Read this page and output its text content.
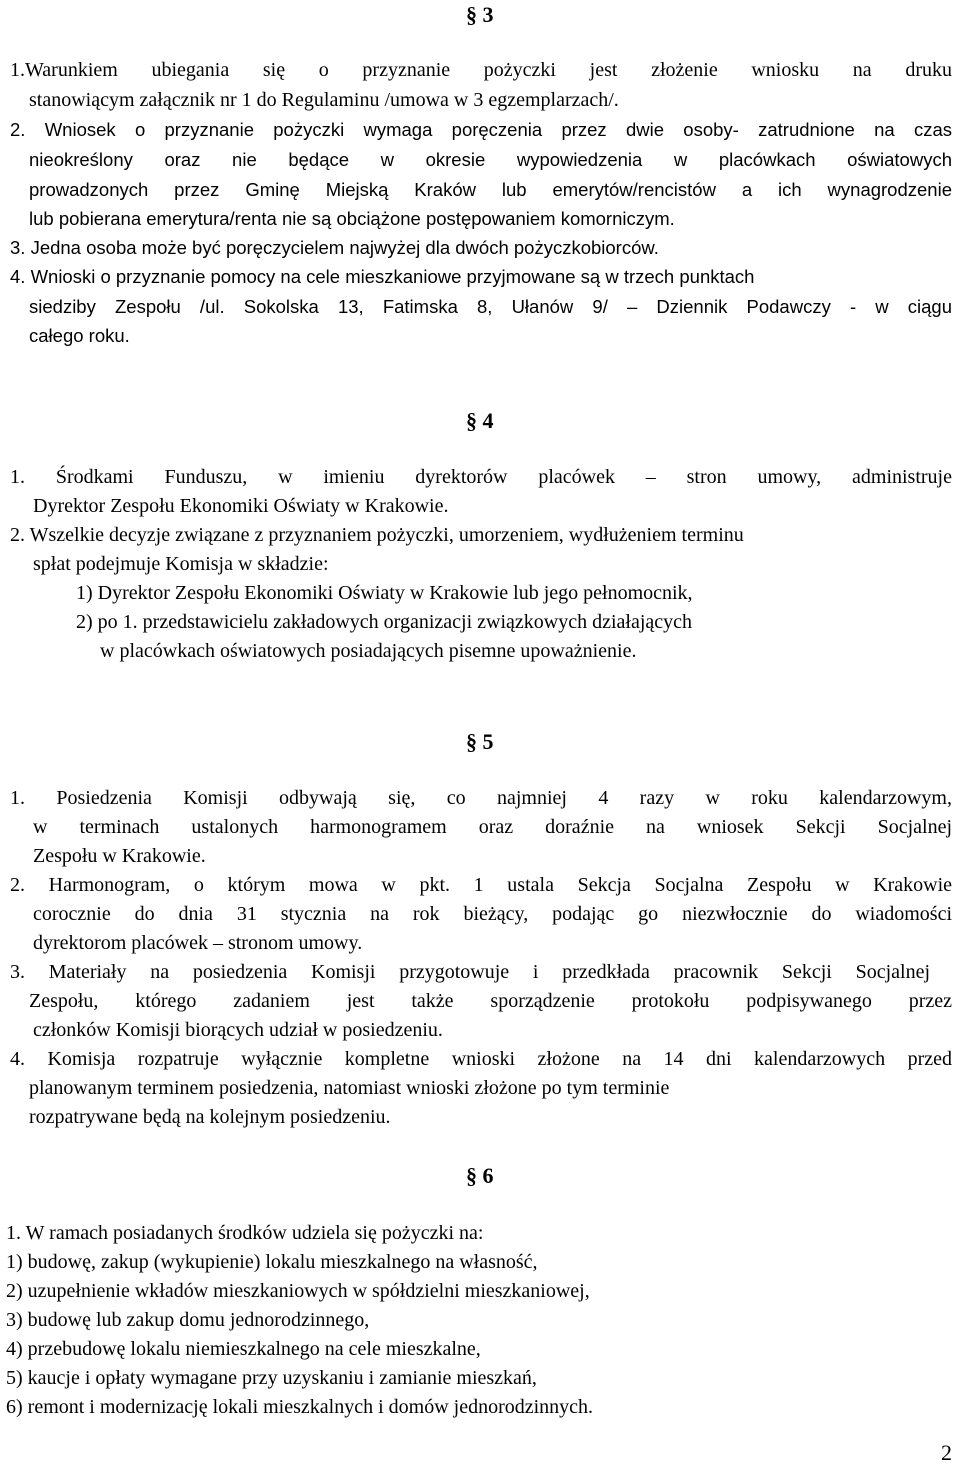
§ 3
1.Warunkiem ubiegania się o przyznanie pożyczki jest złożenie wniosku na druku
stanowiącym załącznik nr 1 do Regulaminu /umowa w 3 egzemplarzach/.
2. Wniosek o przyznanie pożyczki wymaga poręczenia przez dwie osoby- zatrudnione na czas
nieokreślony oraz nie będące w okresie wypowiedzenia w placówkach oświatowych
prowadzonych przez Gminę Miejską Kraków lub emerytów/rencistów a ich wynagrodzenie
lub pobierana emerytura/renta nie są obciążone postępowaniem komorniczym.
3. Jedna osoba może być poręczycielem najwyżej dla dwóch pożyczkobiorców.
4. Wnioski o przyznanie pomocy na cele mieszkaniowe przyjmowane są w trzech punktach
siedziby Zespołu /ul. Sokolska 13, Fatimska 8, Ułanów 9/ – Dziennik Podawczy - w ciągu
całego roku.
§ 4
1. Środkami Funduszu, w imieniu dyrektorów placówek – stron umowy, administruje
Dyrektor Zespołu Ekonomiki Oświaty w Krakowie.
2. Wszelkie decyzje związane z przyznaniem pożyczki, umorzeniem, wydłużeniem terminu
spłat podejmuje Komisja w składzie:
1) Dyrektor Zespołu Ekonomiki Oświaty w Krakowie lub jego pełnomocnik,
2) po 1. przedstawicielu zakładowych organizacji związkowych działających
w placówkach oświatowych posiadających pisemne upoważnienie.
§ 5
1. Posiedzenia Komisji odbywają się, co najmniej 4 razy w roku kalendarzowym,
w terminach ustalonych harmonogramem oraz doraźnie na wniosek Sekcji Socjalnej
Zespołu w Krakowie.
2. Harmonogram, o którym mowa w pkt. 1 ustala Sekcja Socjalna Zespołu w Krakowie
corocznie do dnia 31 stycznia na rok bieżący, podając go niezwłocznie do wiadomości
dyrektorom placówek – stronom umowy.
3. Materiały na posiedzenia Komisji przygotowuje i przedkłada pracownik Sekcji Socjalnej
Zespołu, którego zadaniem jest także sporządzenie protokołu podpisywanego przez
członków Komisji biorących udział w posiedzeniu.
4. Komisja rozpatruje wyłącznie kompletne wnioski złożone na 14 dni kalendarzowych przed
planowanym terminem posiedzenia, natomiast wnioski złożone po tym terminie
rozpatrywane będą na kolejnym posiedzeniu.
§ 6
1. W ramach posiadanych środków udziela się pożyczki na:
1) budowę, zakup (wykupienie) lokalu mieszkalnego na własność,
2) uzupełnienie wkładów mieszkaniowych w spółdzielni mieszkaniowej,
3) budowę lub zakup domu jednorodzinnego,
4) przebudowę lokalu niemieszkalnego na cele mieszkalne,
5) kaucje i opłaty wymagane przy uzyskaniu i zamianie mieszkań,
6) remont i modernizację lokali mieszkalnych i domów jednorodzinnych.
2
